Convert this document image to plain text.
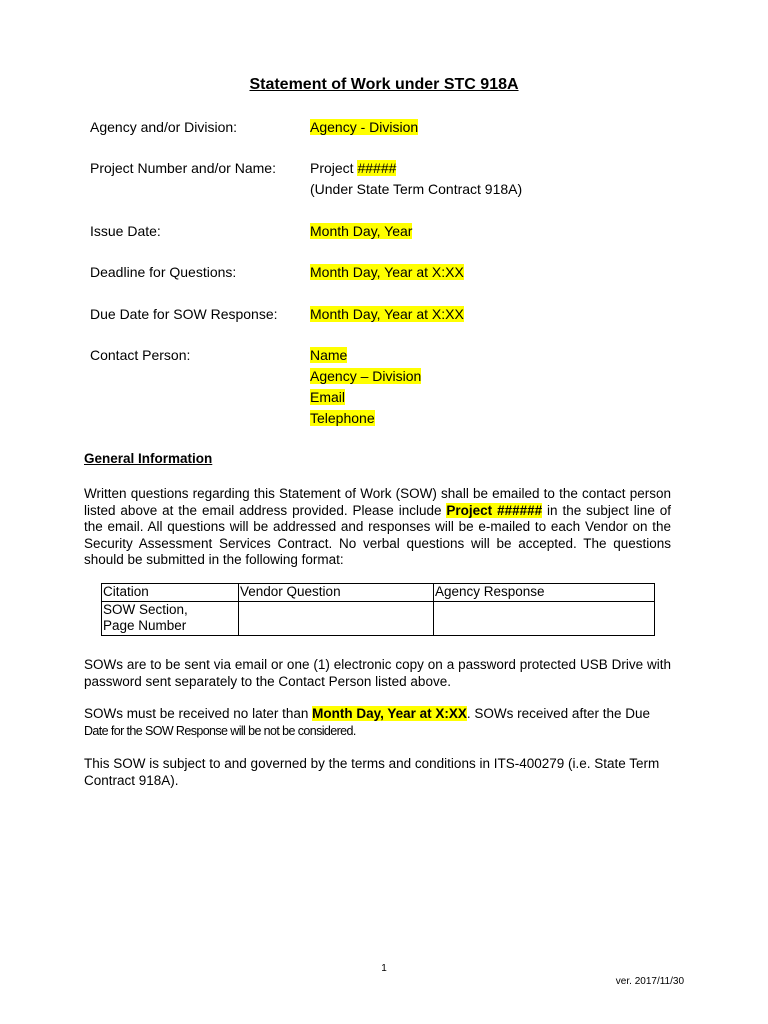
Statement of Work under STC 918A
Agency and/or Division:	Agency - Division
Project Number and/or Name:	Project #####
(Under State Term Contract 918A)
Issue Date:	Month Day, Year
Deadline for Questions:	Month Day, Year at X:XX
Due Date for SOW Response:	Month Day, Year at X:XX
Contact Person:	Name
Agency – Division
Email
Telephone
General Information

Written questions regarding this Statement of Work (SOW) shall be emailed to the contact person listed above at the email address provided. Please include Project ###### in the subject line of the email. All questions will be addressed and responses will be e-mailed to each Vendor on the Security Assessment Services Contract. No verbal questions will be accepted. The questions should be submitted in the following format:

Citation	Vendor Question	Agency Response
SOW Section,
Page Number		

SOWs are to be sent via email or one (1) electronic copy on a password protected USB Drive with password sent separately to the Contact Person listed above.

SOWs must be received no later than Month Day, Year at X:XX. SOWs received after the Due
Date for the SOW Response will be not be considered.

This SOW is subject to and governed by the terms and conditions in ITS-400279 (i.e. State Term Contract 918A).

1
ver. 2017/11/30
